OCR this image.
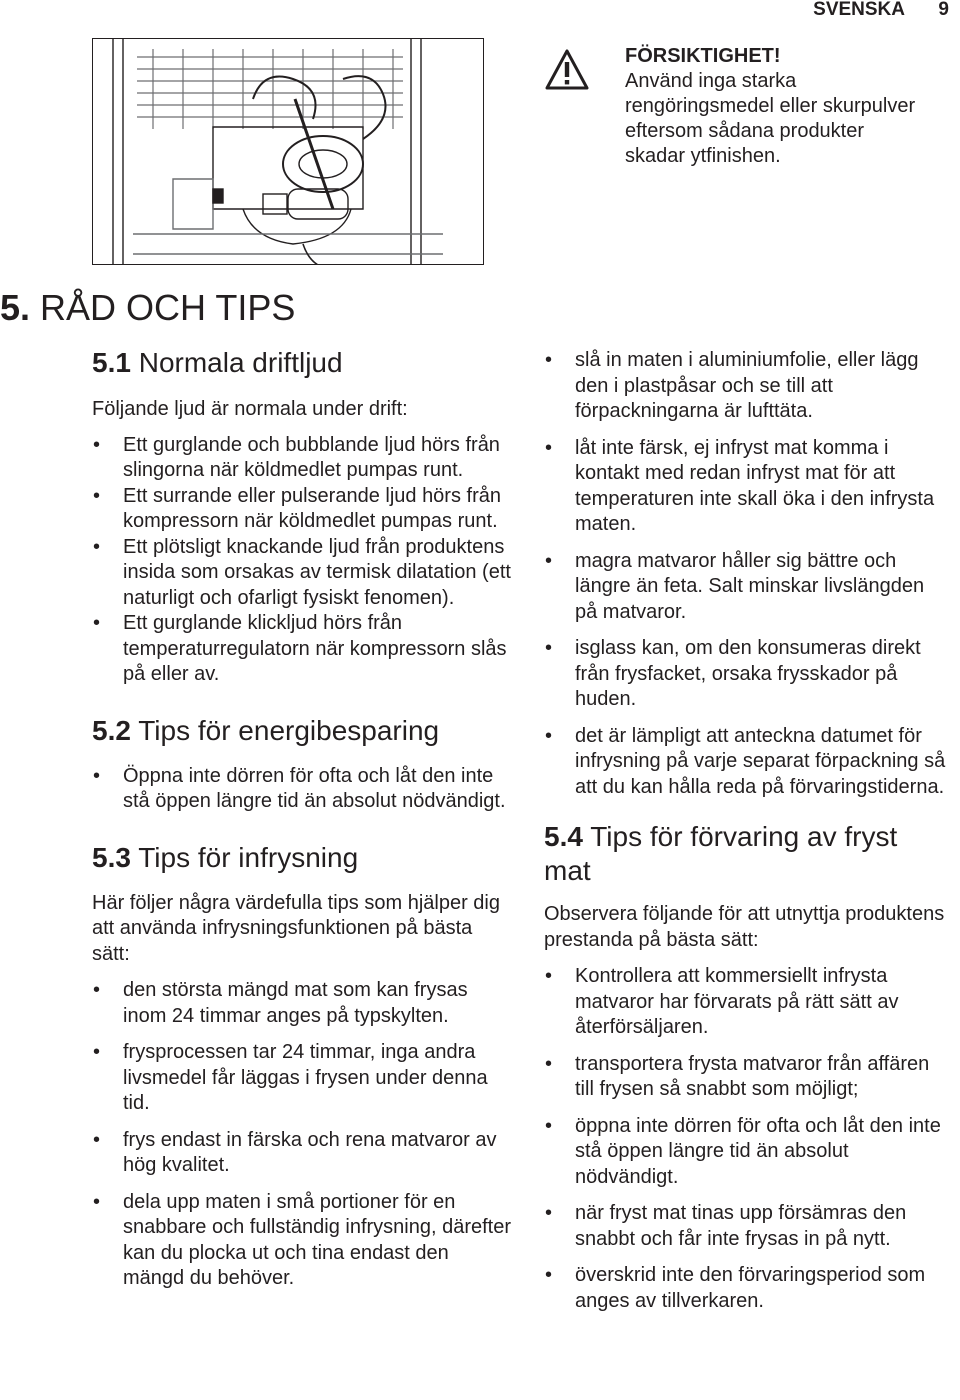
SVENSKA 9
FÖRSIKTIGHET!
Använd inga starka rengöringsmedel eller skurpulver eftersom sådana produkter skadar ytfinishen.
5. RÅD OCH TIPS
5.1 Normala driftljud

Följande ljud är normala under drift:

• Ett gurglande och bubblande ljud hörs från slingorna när köldmedlet pumpas runt.
• Ett surrande eller pulserande ljud hörs från kompressorn när köldmedlet pumpas runt.
• Ett plötsligt knackande ljud från produktens insida som orsakas av termisk dilatation (ett naturligt och ofarligt fysiskt fenomen).
• Ett gurglande klickljud hörs från temperaturregulatorn när kompressorn slås på eller av.
5.2 Tips för energibesparing
• Öppna inte dörren för ofta och låt den inte stå öppen längre tid än absolut nödvändigt.
5.3 Tips för infrysning

Här följer några värdefulla tips som hjälper dig att använda infrysningsfunktionen på bästa sätt:

• den största mängd mat som kan frysas inom 24 timmar anges på typskylten.
• frysprocessen tar 24 timmar, inga andra livsmedel får läggas i frysen under denna tid.
• frys endast in färska och rena matvaror av hög kvalitet.
• dela upp maten i små portioner för en snabbare och fullständig infrysning, därefter kan du plocka ut och tina endast den mängd du behöver.
• slå in maten i aluminiumfolie, eller lägg den i plastpåsar och se till att förpackningarna är lufttäta.
• låt inte färsk, ej infryst mat komma i kontakt med redan infryst mat för att temperaturen inte skall öka i den infrysta maten.
• magra matvaror håller sig bättre och längre än feta. Salt minskar livslängden på matvaror.
• isglass kan, om den konsumeras direkt från frysfacket, orsaka frysskador på huden.
• det är lämpligt att anteckna datumet för infrysning på varje separat förpackning så att du kan hålla reda på förvaringstiderna.
5.4 Tips för förvaring av fryst mat

Observera följande för att utnyttja produktens prestanda på bästa sätt:

• Kontrollera att kommersiellt infrysta matvaror har förvarats på rätt sätt av återförsäljaren.
• transportera frysta matvaror från affären till frysen så snabbt som möjligt;
• öppna inte dörren för ofta och låt den inte stå öppen längre tid än absolut nödvändigt.
• när fryst mat tinas upp försämras den snabbt och får inte frysas in på nytt.
• överskrid inte den förvaringsperiod som anges av tillverkaren.
